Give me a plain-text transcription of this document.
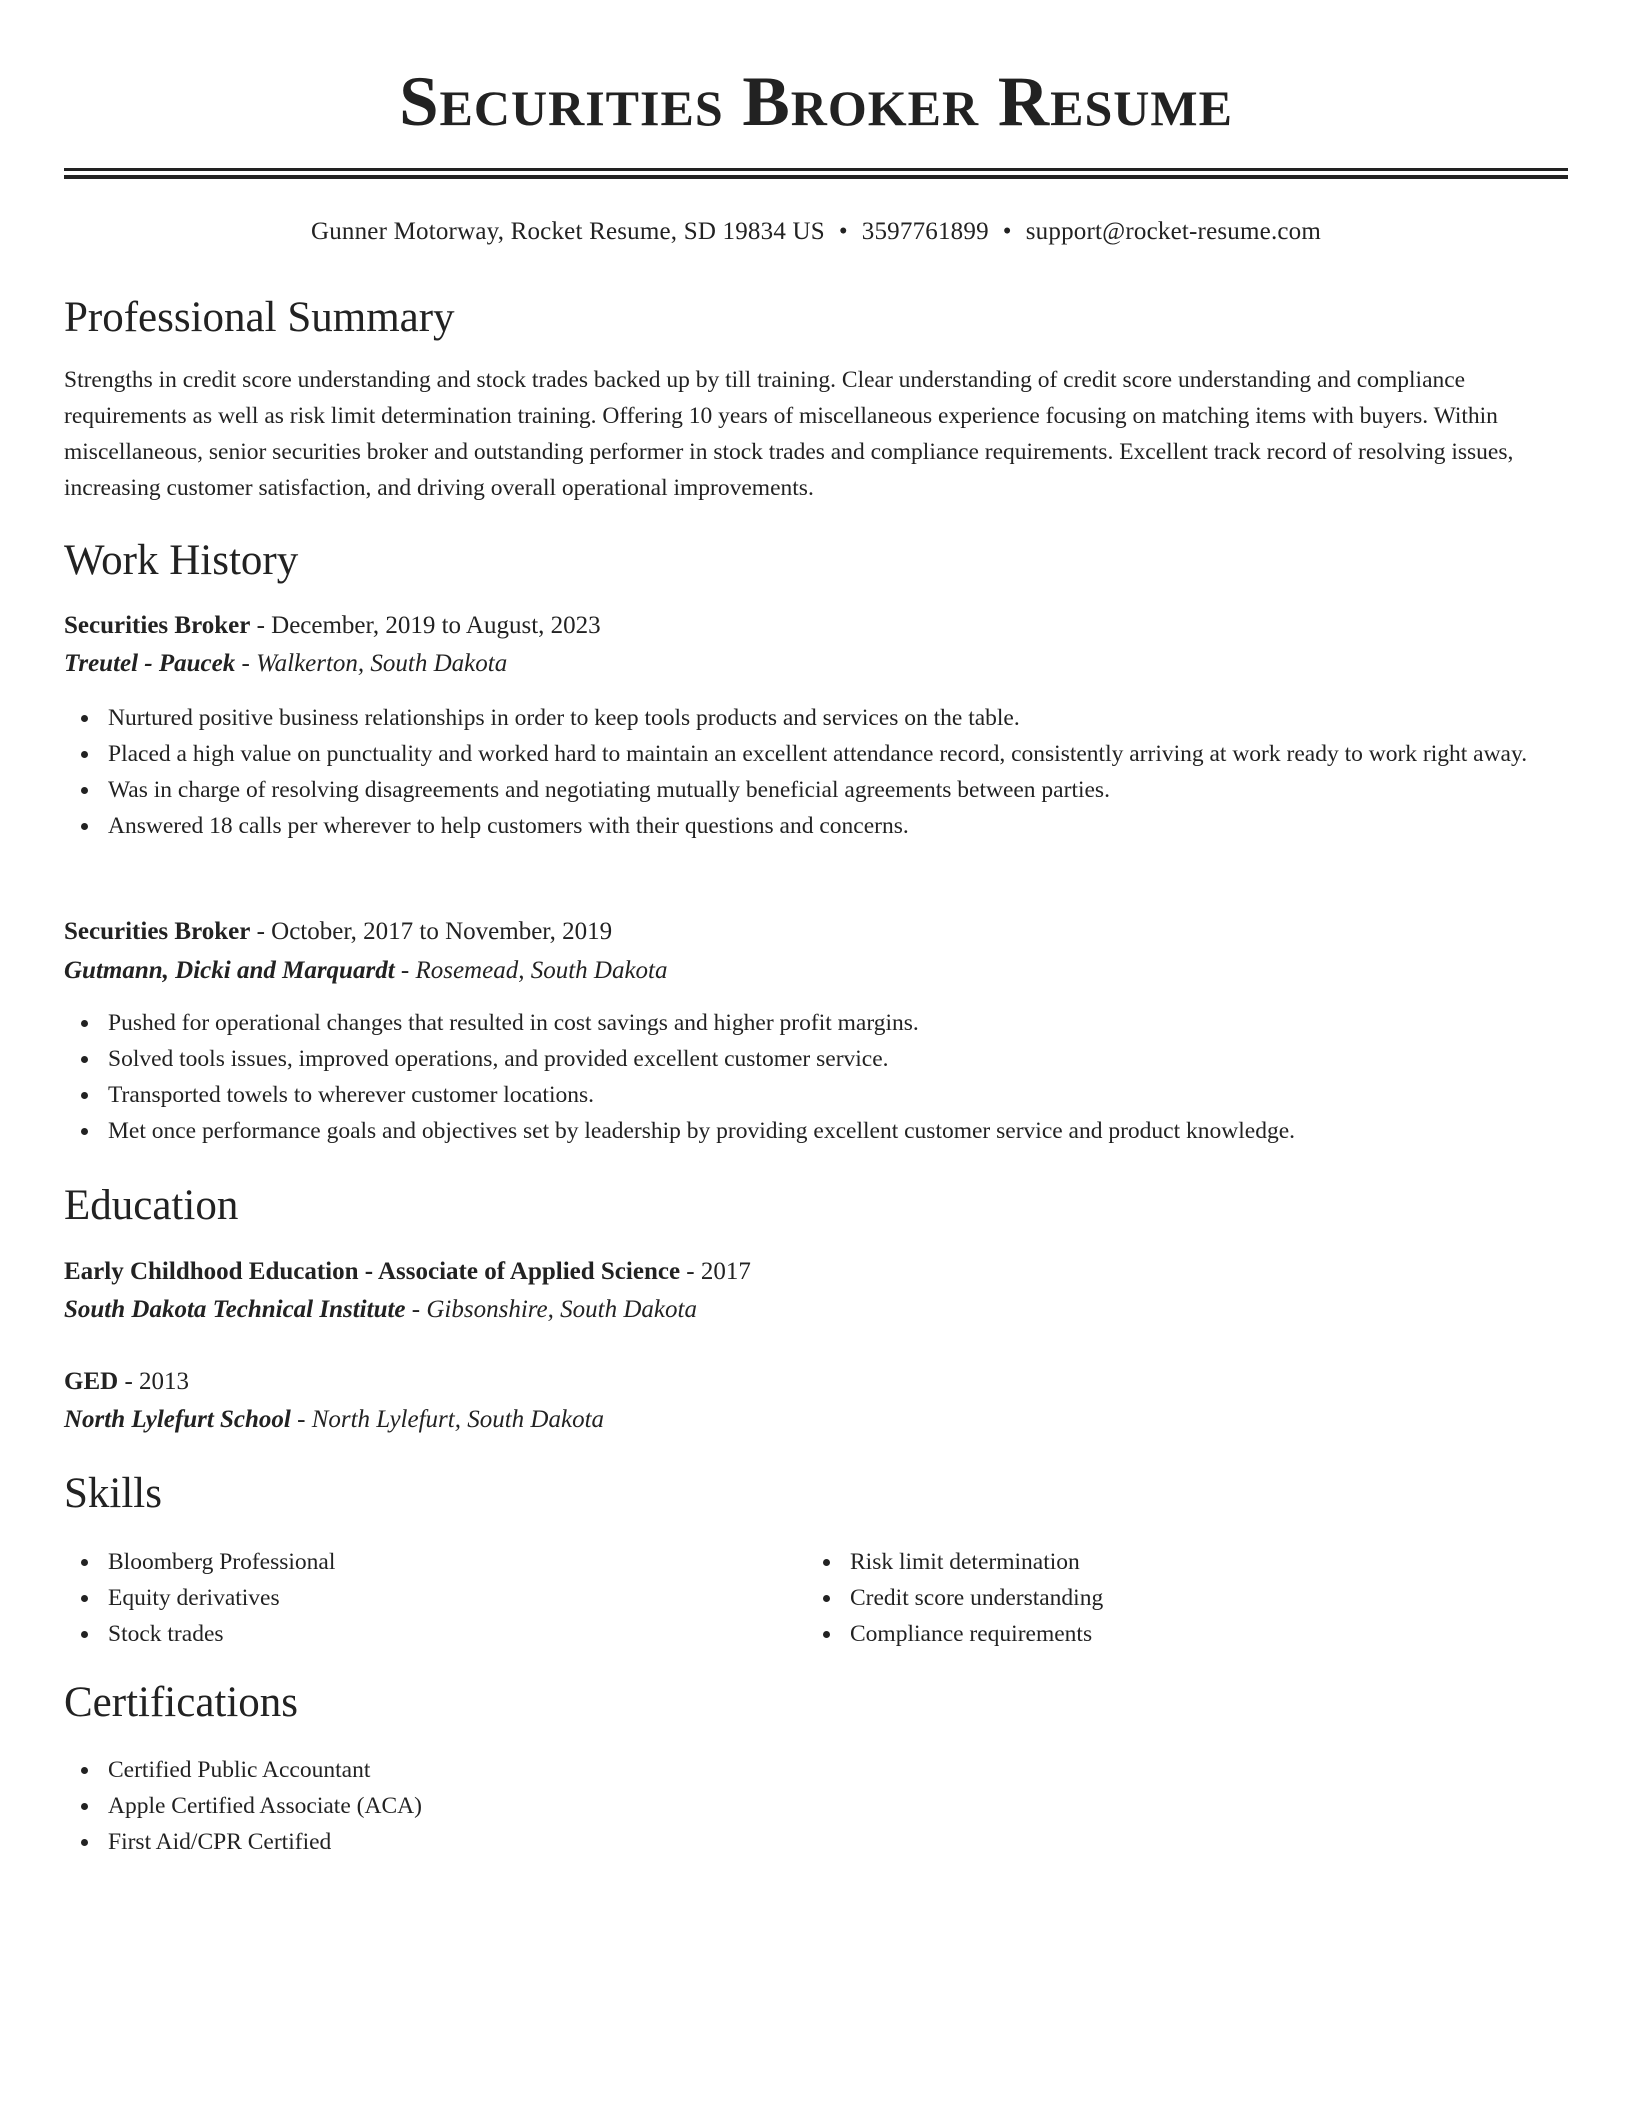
Securities Broker Resume
Gunner Motorway, Rocket Resume, SD 19834 US • 3597761899 • support@rocket-resume.com
Professional Summary

Strengths in credit score understanding and stock trades backed up by till training. Clear understanding of credit score understanding and compliance requirements as well as risk limit determination training. Offering 10 years of miscellaneous experience focusing on matching items with buyers. Within miscellaneous, senior securities broker and outstanding performer in stock trades and compliance requirements. Excellent track record of resolving issues, increasing customer satisfaction, and driving overall operational improvements.

Work History
Securities Broker - December, 2019 to August, 2023
Treutel - Paucek - Walkerton, South Dakota
Nurtured positive business relationships in order to keep tools products and services on the table.
Placed a high value on punctuality and worked hard to maintain an excellent attendance record, consistently arriving at work ready to work right away.
Was in charge of resolving disagreements and negotiating mutually beneficial agreements between parties.
Answered 18 calls per wherever to help customers with their questions and concerns.
Securities Broker - October, 2017 to November, 2019
Gutmann, Dicki and Marquardt - Rosemead, South Dakota
Pushed for operational changes that resulted in cost savings and higher profit margins.
Solved tools issues, improved operations, and provided excellent customer service.
Transported towels to wherever customer locations.
Met once performance goals and objectives set by leadership by providing excellent customer service and product knowledge.
Education
Early Childhood Education - Associate of Applied Science - 2017
South Dakota Technical Institute - Gibsonshire, South Dakota
GED - 2013
North Lylefurt School - North Lylefurt, South Dakota
Skills
Bloomberg Professional
Equity derivatives
Stock trades
Risk limit determination
Credit score understanding
Compliance requirements
Certifications
Certified Public Accountant
Apple Certified Associate (ACA)
First Aid/CPR Certified
